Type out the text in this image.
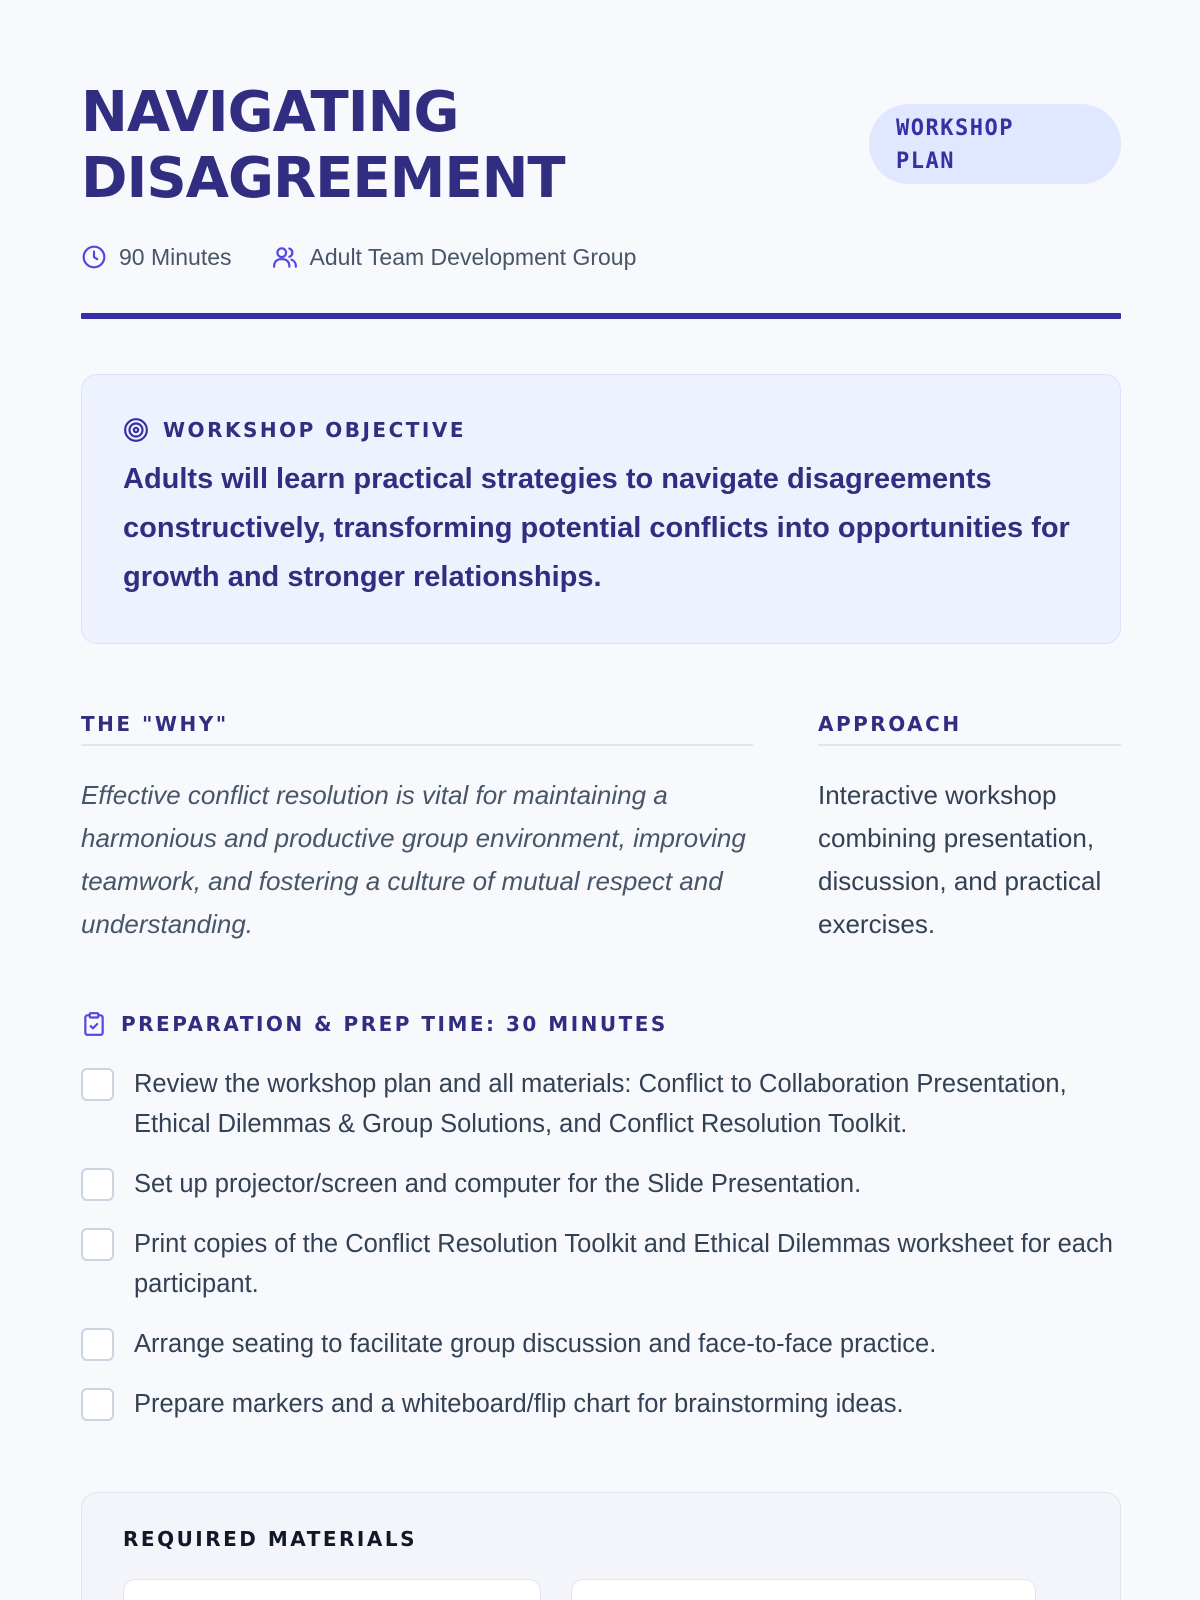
NAVIGATING
DISAGREEMENT
WORKSHOP
PLAN
90 Minutes	Adult Team Development Group
WORKSHOP OBJECTIVE

Adults will learn practical strategies to navigate disagreements constructively, transforming potential conflicts into opportunities for growth and stronger relationships.

THE "WHY"

Effective conflict resolution is vital for maintaining a harmonious and productive group environment, improving teamwork, and fostering a culture of mutual respect and understanding.

APPROACH

Interactive workshop combining presentation, discussion, and practical exercises.

PREPARATION & PREP TIME: 30 MINUTES
Review the workshop plan and all materials: Conflict to Collaboration Presentation, Ethical Dilemmas & Group Solutions, and Conflict Resolution Toolkit.
Set up projector/screen and computer for the Slide Presentation.
Print copies of the Conflict Resolution Toolkit and Ethical Dilemmas worksheet for each participant.
Arrange seating to facilitate group discussion and face-to-face practice.
Prepare markers and a whiteboard/flip chart for brainstorming ideas.
REQUIRED MATERIALS
